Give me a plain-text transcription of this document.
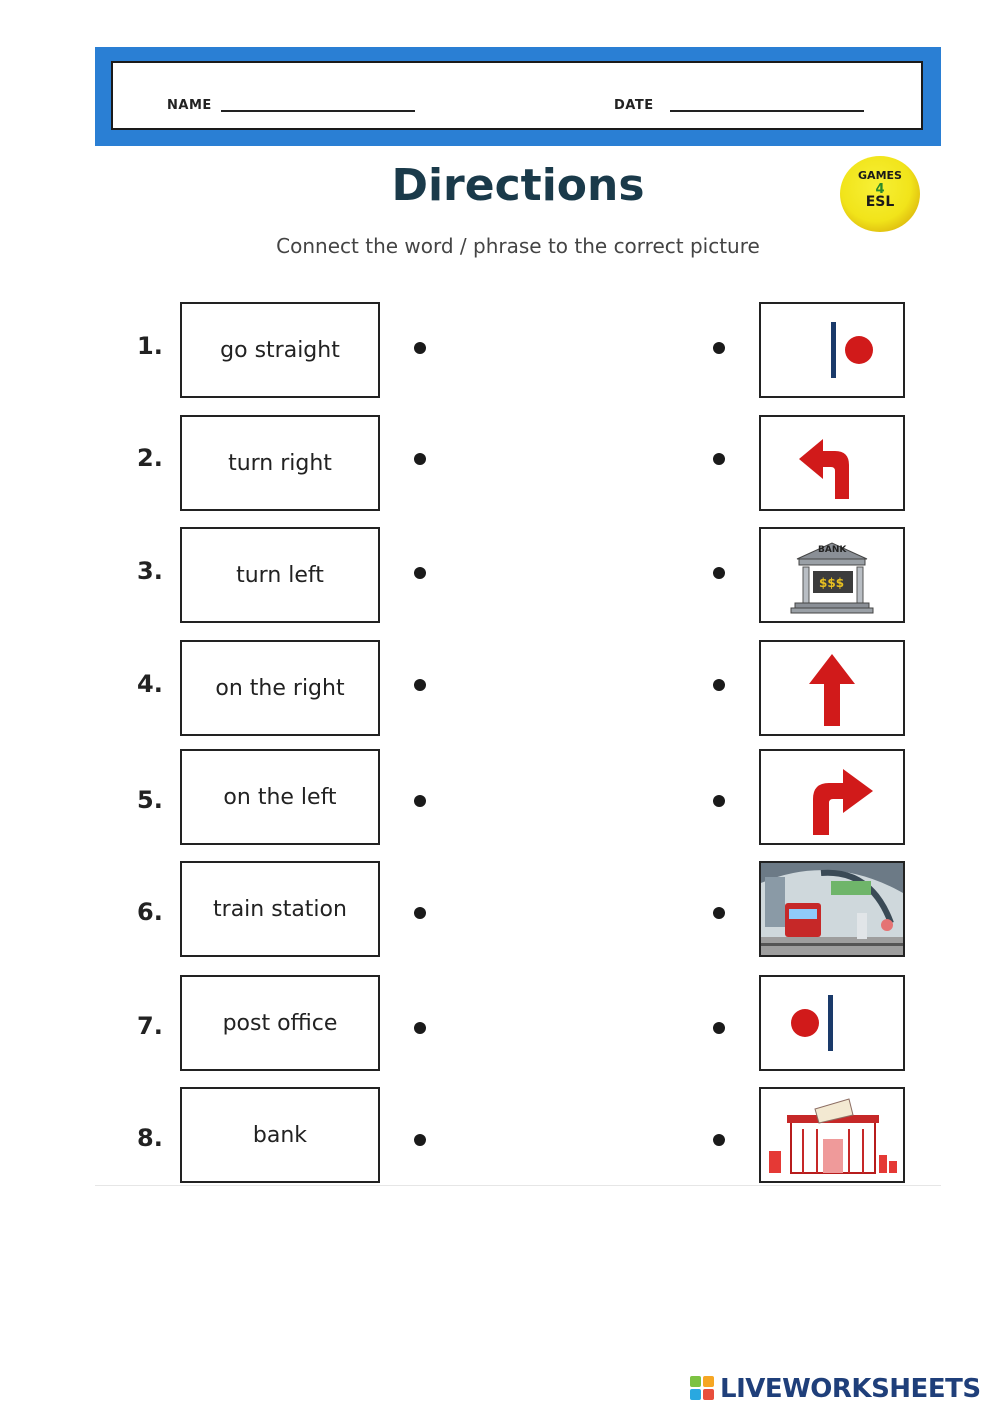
NAME	DATE
Directions
Connect the word / phrase to the correct picture
GAMES
4
ESL
1.	go straight
2.	turn right
3.	turn left
BANK
$$$
4.	on the right
5.	on the left
6.	train station
7.	post office
8.	bank
LIVEWORKSHEETS
